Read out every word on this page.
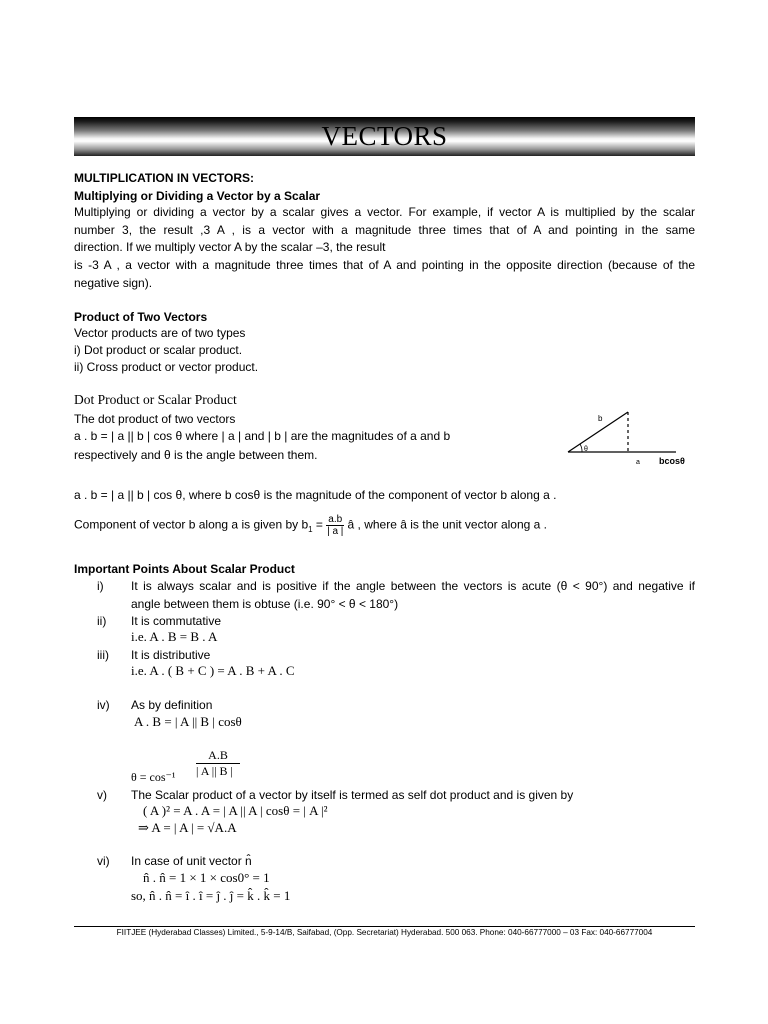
VECTORS
MULTIPLICATION IN VECTORS:
Multiplying or Dividing a Vector by a Scalar
Multiplying or dividing a vector by a scalar gives a vector. For example, if vector A is multiplied by the scalar
number 3, the result ,3 A , is a vector with a magnitude three times that of A and pointing in the same
direction. If we multiply vector A by the scalar –3, the result
is -3 A , a vector with a magnitude three times that of A and pointing in the opposite direction (because of the
negative sign).
Product of Two Vectors
Vector products are of two types
i) Dot product or scalar product.
ii) Cross product or vector product.
Dot Product or Scalar Product
The dot product of two vectors
a . b = | a || b | cos θ where | a | and | b | are the magnitudes of a and b
respectively and θ is the angle between them.
b
θ
a bcosθ
a . b = | a || b | cos θ, where b cosθ is the magnitude of the component of vector b along a .
Component of vector b along a is given by $b_1 = \frac{a.b}{| a |}$ â , where â is the unit vector along a .
Important Points About Scalar Product
i) It is always scalar and is positive if the angle between the vectors is acute (θ < 90°) and negative if
angle between them is obtuse (i.e. 90° < θ < 180°)
ii) It is commutative
i.e. A . B = B . A
iii) It is distributive
i.e. A . ( B + C ) = A . B + A . C
iv) As by definition
A . B = | A || B | cosθ
A.B
θ = cos⁻¹ | A || B |
v) The Scalar product of a vector by itself is termed as self dot product and is given by
( A )² = A . A = | A || A | cosθ = | A |²
⇒ A = | A | = √A.A
vi) In case of unit vector n̂
n̂ . n̂ = 1 × 1 × cos0° = 1
so, n̂ . n̂ = î . î = ĵ . ĵ = k̂ . k̂ = 1
FIITJEE (Hyderabad Classes) Limited., 5-9-14/B, Saifabad, (Opp. Secretariat) Hyderabad. 500 063. Phone: 040-66777000 – 03 Fax: 040-66777004
